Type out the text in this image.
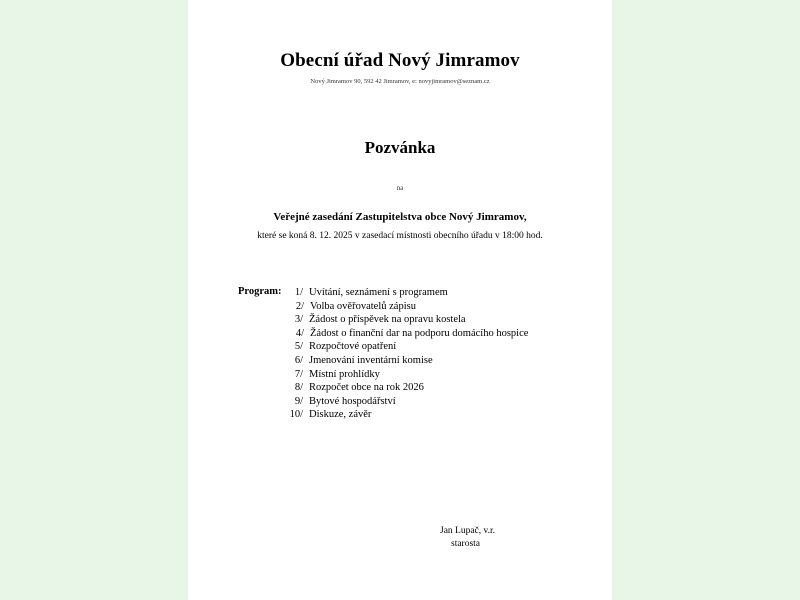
Obecní úřad Nový Jimramov
Nový Jimramov 90, 592 42 Jimramov, e: novyjimramov@seznam.cz
Pozvánka
na
Veřejné zasedání Zastupitelstva obce Nový Jimramov,
které se koná 8. 12. 2025 v zasedací místnosti obecního úřadu v 18:00 hod.
Program:	1/ Uvítání, seznámení s programem
2/ Volba ověřovatelů zápisu
3/ Žádost o příspěvek na opravu kostela
4/ Žádost o finanční dar na podporu domácího hospice
5/ Rozpočtové opatření
6/ Jmenování inventární komise
7/ Místní prohlídky
8/ Rozpočet obce na rok 2026
9/ Bytové hospodářství
10/ Diskuze, závěr
Jan Lupač, v.r.
starosta
